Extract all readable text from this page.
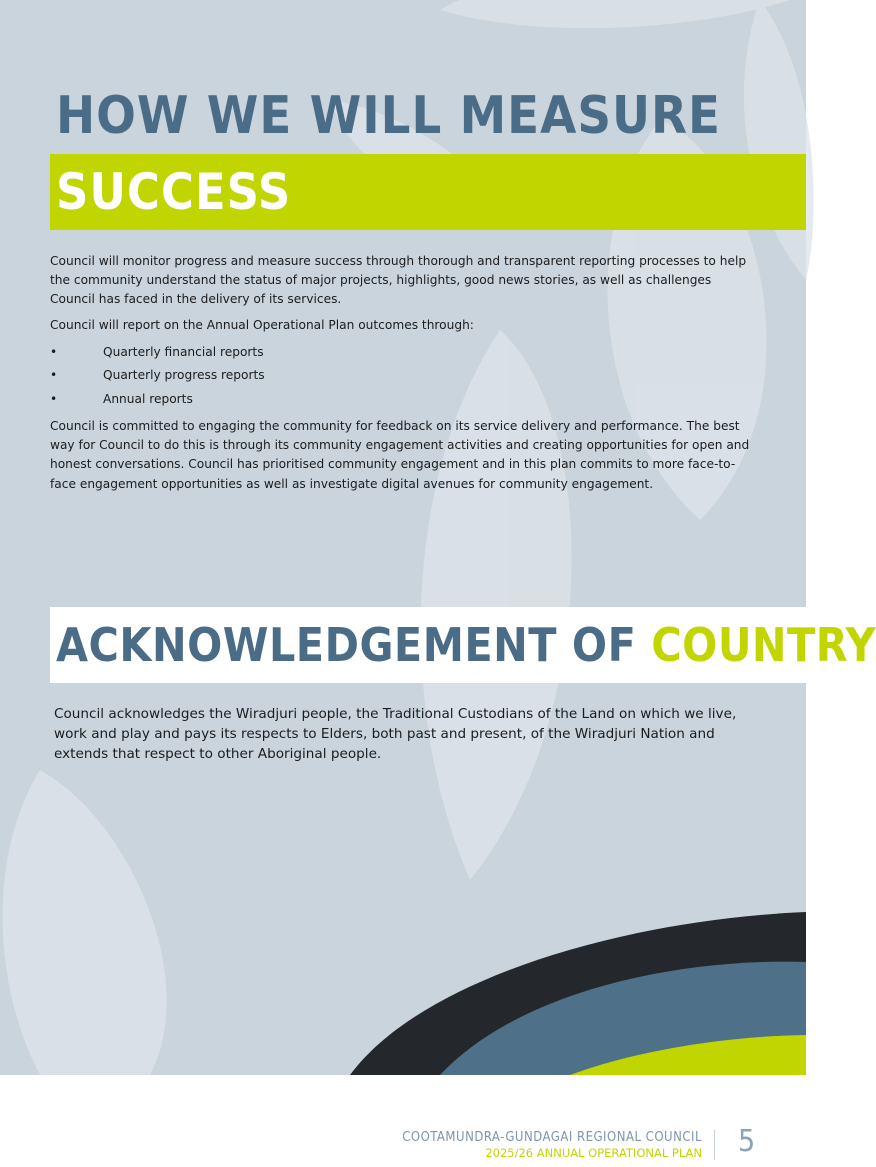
HOW WE WILL MEASURE
SUCCESS

Council will monitor progress and measure success through thorough and transparent reporting processes to help the community understand the status of major projects, highlights, good news stories, as well as challenges Council has faced in the delivery of its services.

Council will report on the Annual Operational Plan outcomes through:

•	Quarterly financial reports
•	Quarterly progress reports
•	Annual reports

Council is committed to engaging the community for feedback on its service delivery and performance. The best way for Council to do this is through its community engagement activities and creating opportunities for open and honest conversations. Council has prioritised community engagement and in this plan commits to more face-to-face engagement opportunities as well as investigate digital avenues for community engagement.

ACKNOWLEDGEMENT OF COUNTRY

Council acknowledges the Wiradjuri people, the Traditional Custodians of the Land on which we live, work and play and pays its respects to Elders, both past and present, of the Wiradjuri Nation and extends that respect to other Aboriginal people.

COOTAMUNDRA-GUNDAGAI REGIONAL COUNCIL
2025/26 ANNUAL OPERATIONAL PLAN 5
